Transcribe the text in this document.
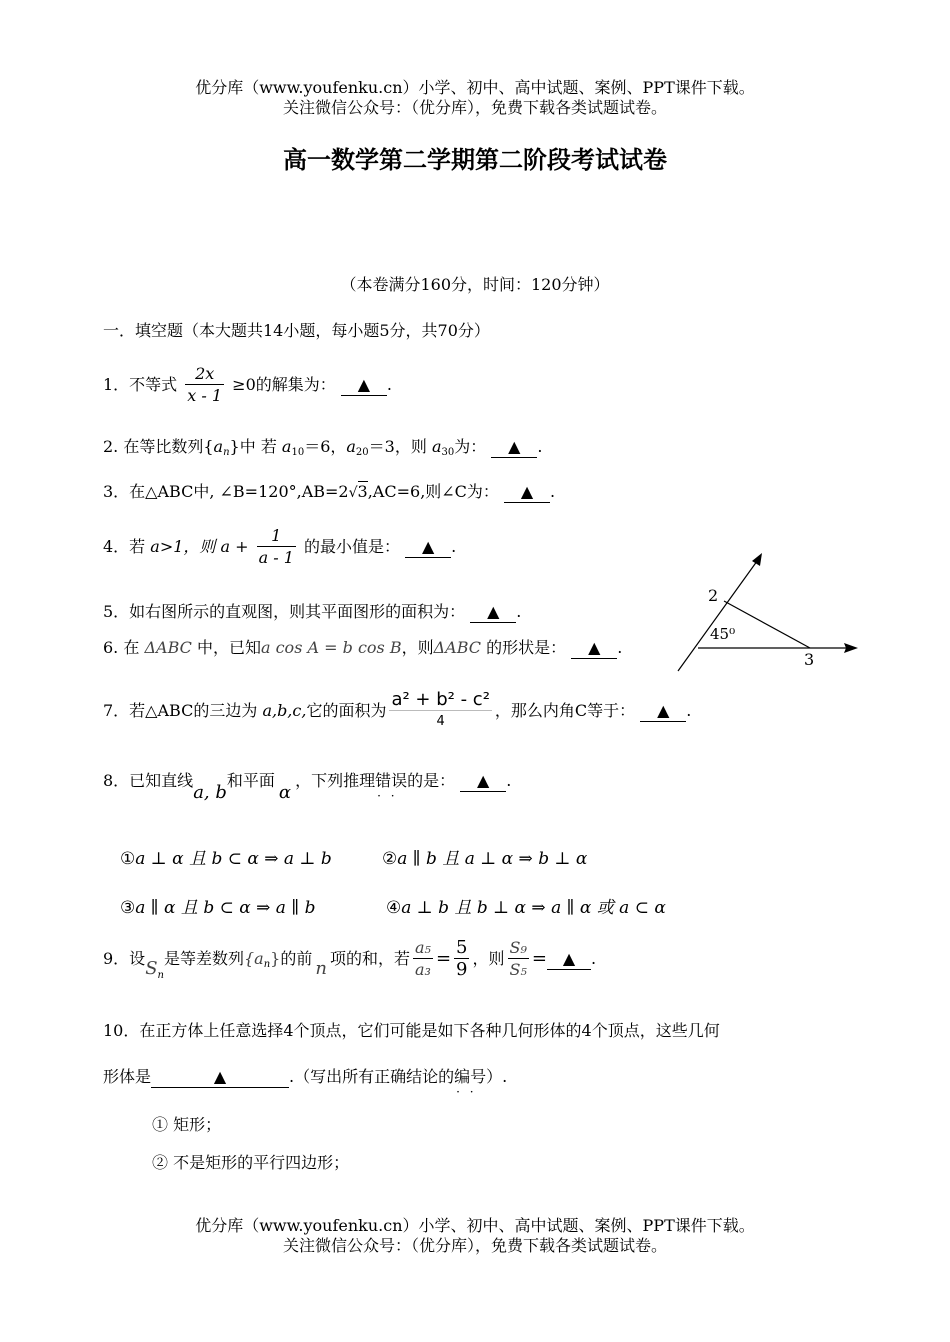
优分库（www.youfenku.cn）小学、初中、高中试题、案例、PPT课件下载。
关注微信公众号：（优分库），免费下载各类试题试卷。
高一数学第二学期第二阶段考试试卷
（本卷满分160分，时间：120分钟）
一．填空题（本大题共14小题，每小题5分，共70分）
1．不等式 $\frac{2x}{x - 1} \ge 0$的解集为： ▲ .
2. 在等比数列$\{a_n\}$中 若 $a_{10}=6$，$a_{20}=3$，则 $a_{30}$为： ▲ .
3．在△ABC中, ∠B=120°,AB=2√3,AC=6,则∠C为： ▲ .
4．若 a>1，则 $a + \frac{1}{a - 1}$ 的最小值是： ▲ .
5．如右图所示的直观图，则其平面图形的面积为： ▲ .
6. 在 ΔABC 中，已知a cos A = b cos B，则ΔABC 的形状是： ▲ .
2
45⁰
3
7．若△ABC的三边为 a,b,c,它的面积为 $\frac{\text{a² + b² - c²}}{4}$ ，那么内角C等于： ▲ .
8．已知直线a, b和平面α，下列推理错误 · ·的是： ▲ .
①a ⊥ α 且 b ⊂ α ⇒ a ⊥ b	②a ∥ b 且 a ⊥ α ⇒ b ⊥ α
③a ∥ α 且 b ⊂ α ⇒ a ∥ b	④a ⊥ b 且 b ⊥ α ⇒ a ∥ α 或 a ⊂ α
9．设$S_n$是等差数列$\{a_n\}$的前 n 项的和，若 $\frac{\text{a₅}}{\text{a₃}} = \frac{5}{9}$ ，则 $\frac{\text{S₉}}{\text{S₅}}$ = ▲ .
10．在正方体上任意选择4个顶点，它们可能是如下各种几何形体的4个顶点，这些几何
形体是	▲	.（写出所有正确结论的编号 · ·）.
① 矩形；
② 不是矩形的平行四边形；
优分库（www.youfenku.cn）小学、初中、高中试题、案例、PPT课件下载。
关注微信公众号：（优分库），免费下载各类试题试卷。
